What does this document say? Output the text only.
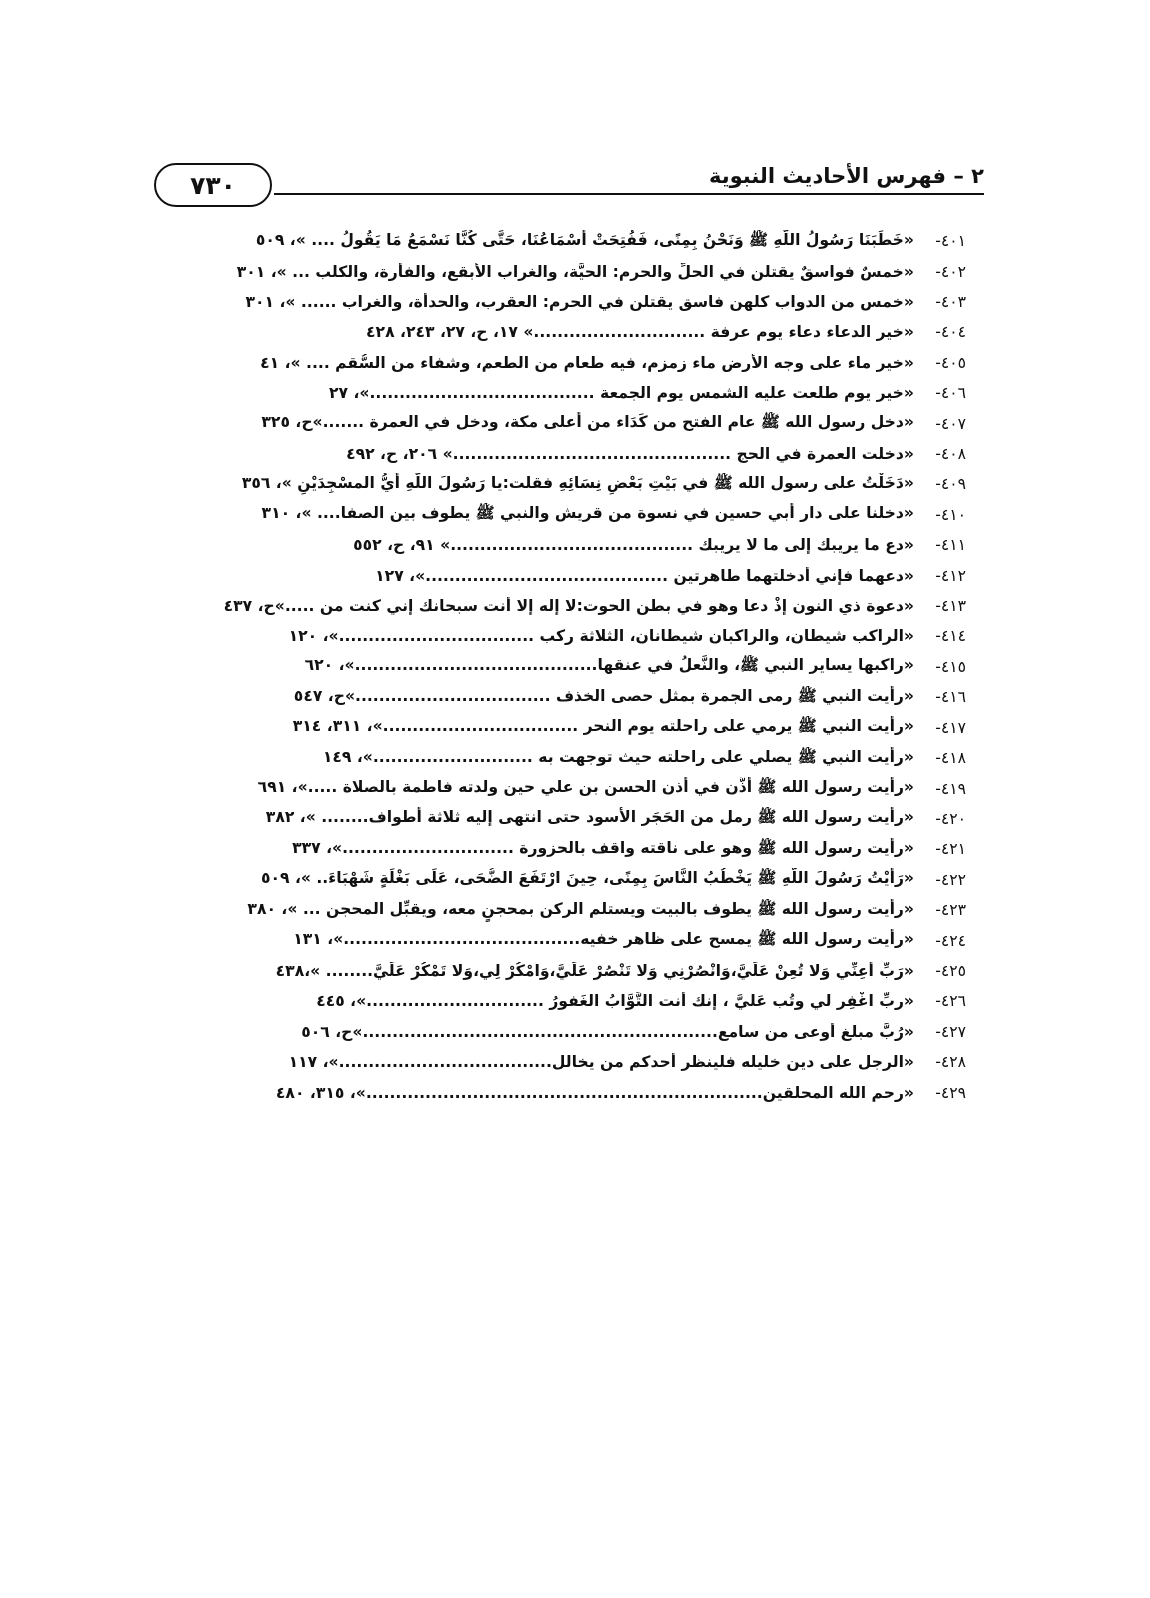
٢ – فهرس الأحاديث النبوية
٧٣٠
٤٠١-
«خَطَبَنَا رَسُولُ اللَّهِ ﷺ وَنَحْنُ بِمِنًى، فَفُتِحَتْ أَسْمَاعُنَا، حَتَّى كُنَّا نَسْمَعُ مَا يَقُولُ .... »، ٥٠٩
٤٠٢-
«خمسٌ فواسقٌ يقتلن في الحلِّ والحرم: الحيَّة، والغراب الأبقع، والفأرة، والكلب ... »، ٣٠١
٤٠٣-
«خمس من الدواب كلهن فاسق يقتلن في الحرم: العقرب، والحدأة، والغراب ...... »، ٣٠١
٤٠٤-
«خير الدعاء دعاء يوم عرفة .............................» ١٧، ح، ٢٧، ٢٤٣، ٤٢٨
٤٠٥-
«خير ماء على وجه الأرض ماء زمزم، فيه طعام من الطعم، وشفاء من السُّقم .... »، ٤١
٤٠٦-
«خير يوم طلعت عليه الشمس يوم الجمعة ......................................»، ٢٧
٤٠٧-
«دخل رسول الله ﷺ عام الفتح من كَدَاء من أعلى مكة، ودخل في العمرة .......»ح، ٣٢٥
٤٠٨-
«دخلت العمرة في الحج ...............................................» ٢٠٦، ح، ٤٩٢
٤٠٩-
«دَخَلْتُ على رسول الله ﷺ في بَيْتِ بَعْضِ نِسَائِهِ فقلت:يا رَسُولَ اللَّهِ أَيُّ المسْجِدَيْنِ »، ٣٥٦
٤١٠-
«دخلنا على دار أبي حسين في نسوة من قريش والنبي ﷺ يطوف بين الصفا.... »، ٣١٠
٤١١-
«دع ما يريبك إلى ما لا يريبك .........................................» ٩١، ح، ٥٥٢
٤١٢-
«دعهما فإني أدخلتهما طاهرتين .........................................»، ١٢٧
٤١٣-
«دعوة ذي النون إذْ دعا وهو في بطن الحوت:لا إله إلا أنت سبحانك إني كنت من .....»ح، ٤٣٧
٤١٤-
«الراكب شيطان، والراكبان شيطانان، الثلاثة ركب .................................»، ١٢٠
٤١٥-
«راكبها يساير النبي ﷺ، والنَّعلُ في عنقها.........................................»، ٦٢٠
٤١٦-
«رأيت النبي ﷺ رمى الجمرة بمثل حصى الخذف .................................»ح، ٥٤٧
٤١٧-
«رأيت النبي ﷺ يرمي على راحلته يوم النحر .................................»، ٣١١، ٣١٤
٤١٨-
«رأيت النبي ﷺ يصلي على راحلته حيث توجهت به ...........................»، ١٤٩
٤١٩-
«رأيت رسول الله ﷺ أذَّن في أُذن الحسن بن علي حين ولدته فاطمة بالصلاة .....»، ٦٩١
٤٢٠-
«رأيت رسول الله ﷺ رمل من الحَجَر الأسود حتى انتهى إليه ثلاثة أطواف........ »، ٣٨٢
٤٢١-
«رأيت رسول الله ﷺ وهو على ناقته واقف بالحزورة .............................»، ٣٣٧
٤٢٢-
«رَأَيْتُ رَسُولَ اللَّهِ ﷺ يَخْطُبُ النَّاسَ بِمِنًى، حِينَ ارْتَفَعَ الضُّحَى، عَلَى بَغْلَةٍ شَهْبَاءَ.. »، ٥٠٩
٤٢٣-
«رأيت رسول الله ﷺ يطوف بالبيت ويستلم الركن بمحجنٍ معه، ويقبِّل المحجن ... »، ٣٨٠
٤٢٤-
«رأيت رسول الله ﷺ يمسح على ظاهر خفيه........................................»، ١٣١
٤٢٥-
«رَبِّ أَعِنِّي وَلا تُعِنْ عَلَيَّ،وَانْصُرْنِي وَلا تَنْصُرْ عَلَيَّ،وَامْكُرْ لِي،وَلا تَمْكُرْ عَلَيَّ........ »،٤٣٨
٤٢٦-
«ربِّ اغْفِر لي وتُب عَليَّ ، إنك أنت التَّوَّابُ الغَفورُ ..............................»، ٤٤٥
٤٢٧-
«رُبَّ مبلغ أوعى من سامع............................................................»ح، ٥٠٦
٤٢٨-
«الرجل على دين خليله فلينظر أحدكم من يخالل....................................»، ١١٧
٤٢٩-
«رحم الله المحلقين...................................................................»، ٣١٥، ٤٨٠
